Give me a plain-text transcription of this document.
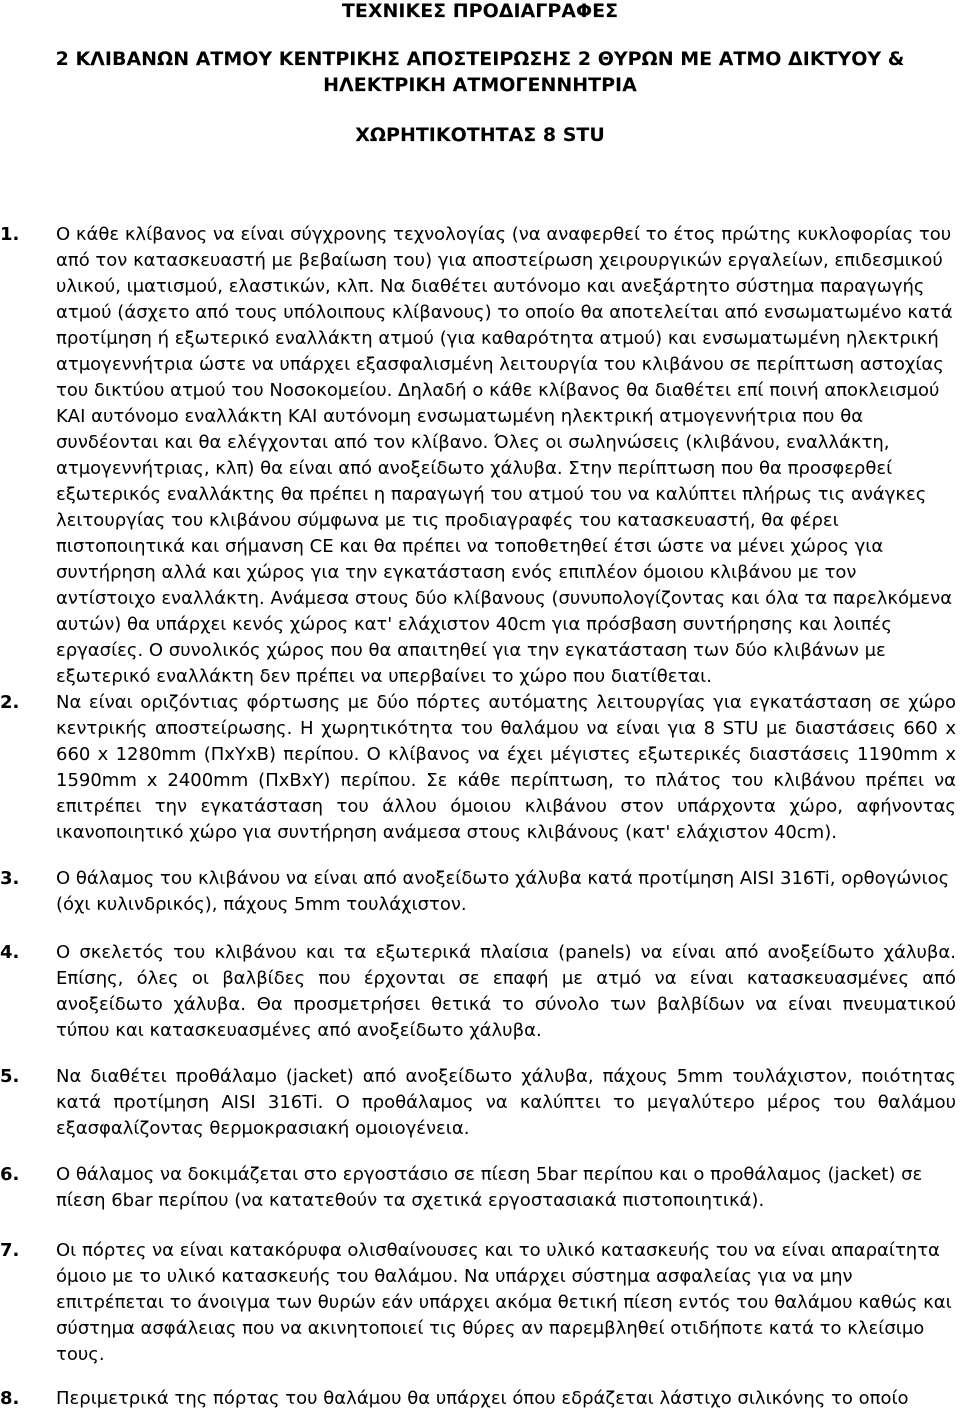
ΤΕΧΝΙΚΕΣ ΠΡΟΔΙΑΓΡΑΦΕΣ
2 ΚΛΙΒΑΝΩΝ ΑΤΜΟΥ ΚΕΝΤΡΙΚΗΣ ΑΠΟΣΤΕΙΡΩΣΗΣ 2 ΘΥΡΩΝ ΜΕ ΑΤΜΟ ΔΙΚΤΥΟΥ & ΗΛΕΚΤΡΙΚΗ ΑΤΜΟΓΕΝΝΗΤΡΙΑ
ΧΩΡΗΤΙΚΟΤΗΤΑΣ 8 STU
1. Ο κάθε κλίβανος να είναι σύγχρονης τεχνολογίας (να αναφερθεί το έτος πρώτης κυκλοφορίας του από τον κατασκευαστή με βεβαίωση του) για αποστείρωση χειρουργικών εργαλείων, επιδεσμικού υλικού, ιματισμού, ελαστικών, κλπ. Να διαθέτει αυτόνομο και ανεξάρτητο σύστημα παραγωγής ατμού (άσχετο από τους υπόλοιπους κλίβανους) το οποίο θα αποτελείται από ενσωματωμένο κατά προτίμηση ή εξωτερικό εναλλάκτη ατμού (για καθαρότητα ατμού) και ενσωματωμένη ηλεκτρική ατμογεννήτρια ώστε να υπάρχει εξασφαλισμένη λειτουργία του κλιβάνου σε περίπτωση αστοχίας του δικτύου ατμού του Νοσοκομείου. Δηλαδή ο κάθε κλίβανος θα διαθέτει επί ποινή αποκλεισμού ΚΑΙ αυτόνομο εναλλάκτη ΚΑΙ αυτόνομη ενσωματωμένη ηλεκτρική ατμογεννήτρια που θα συνδέονται και θα ελέγχονται από τον κλίβανο. Όλες οι σωληνώσεις (κλιβάνου, εναλλάκτη, ατμογεννήτριας, κλπ) θα είναι από ανοξείδωτο χάλυβα. Στην περίπτωση που θα προσφερθεί εξωτερικός εναλλάκτης θα πρέπει η παραγωγή του ατμού του να καλύπτει πλήρως τις ανάγκες λειτουργίας του κλιβάνου σύμφωνα με τις προδιαγραφές του κατασκευαστή, θα φέρει πιστοποιητικά και σήμανση CE και θα πρέπει να τοποθετηθεί έτσι ώστε να μένει χώρος για συντήρηση αλλά και χώρος για την εγκατάσταση ενός επιπλέον όμοιου κλιβάνου με τον αντίστοιχο εναλλάκτη. Ανάμεσα στους δύο κλίβανους (συνυπολογίζοντας και όλα τα παρελκόμενα αυτών) θα υπάρχει κενός χώρος κατ' ελάχιστον 40cm για πρόσβαση συντήρησης και λοιπές εργασίες. Ο συνολικός χώρος που θα απαιτηθεί για την εγκατάσταση των δύο κλιβάνων με εξωτερικό εναλλάκτη δεν πρέπει να υπερβαίνει το χώρο που διατίθεται.

2. Να είναι οριζόντιας φόρτωσης με δύο πόρτες αυτόματης λειτουργίας για εγκατάσταση σε χώρο κεντρικής αποστείρωσης. Η χωρητικότητα του θαλάμου να είναι για 8 STU με διαστάσεις 660 x 660 x 1280mm (ΠxΥxΒ) περίπου. Ο κλίβανος να έχει μέγιστες εξωτερικές διαστάσεις 1190mm x 1590mm x 2400mm (ΠxΒxΥ) περίπου. Σε κάθε περίπτωση, το πλάτος του κλιβάνου πρέπει να επιτρέπει την εγκατάσταση του άλλου όμοιου κλιβάνου στον υπάρχοντα χώρο, αφήνοντας ικανοποιητικό χώρο για συντήρηση ανάμεσα στους κλιβάνους (κατ' ελάχιστον 40cm).

3. Ο θάλαμος του κλιβάνου να είναι από ανοξείδωτο χάλυβα κατά προτίμηση AISI 316Ti, ορθογώνιος (όχι κυλινδρικός), πάχους 5mm τουλάχιστον.

4. Ο σκελετός του κλιβάνου και τα εξωτερικά πλαίσια (panels) να είναι από ανοξείδωτο χάλυβα. Επίσης, όλες οι βαλβίδες που έρχονται σε επαφή με ατμό να είναι κατασκευασμένες από ανοξείδωτο χάλυβα. Θα προσμετρήσει θετικά το σύνολο των βαλβίδων να είναι πνευματικού τύπου και κατασκευασμένες από ανοξείδωτο χάλυβα.

5. Να διαθέτει προθάλαμο (jacket) από ανοξείδωτο χάλυβα, πάχους 5mm τουλάχιστον, ποιότητας κατά προτίμηση AISI 316Ti. Ο προθάλαμος να καλύπτει το μεγαλύτερο μέρος του θαλάμου εξασφαλίζοντας θερμοκρασιακή ομοιογένεια.

6. Ο θάλαμος να δοκιμάζεται στο εργοστάσιο σε πίεση 5bar περίπου και ο προθάλαμος (jacket) σε πίεση 6bar περίπου (να κατατεθούν τα σχετικά εργοστασιακά πιστοποιητικά).

7. Οι πόρτες να είναι κατακόρυφα ολισθαίνουσες και το υλικό κατασκευής του να είναι απαραίτητα όμοιο με το υλικό κατασκευής του θαλάμου. Να υπάρχει σύστημα ασφαλείας για να μην επιτρέπεται το άνοιγμα των θυρών εάν υπάρχει ακόμα θετική πίεση εντός του θαλάμου καθώς και σύστημα ασφάλειας που να ακινητοποιεί τις θύρες αν παρεμβληθεί οτιδήποτε κατά το κλείσιμο τους.

8. Περιμετρικά της πόρτας του θαλάμου θα υπάρχει όπου εδράζεται λάστιχο σιλικόνης το οποίο
